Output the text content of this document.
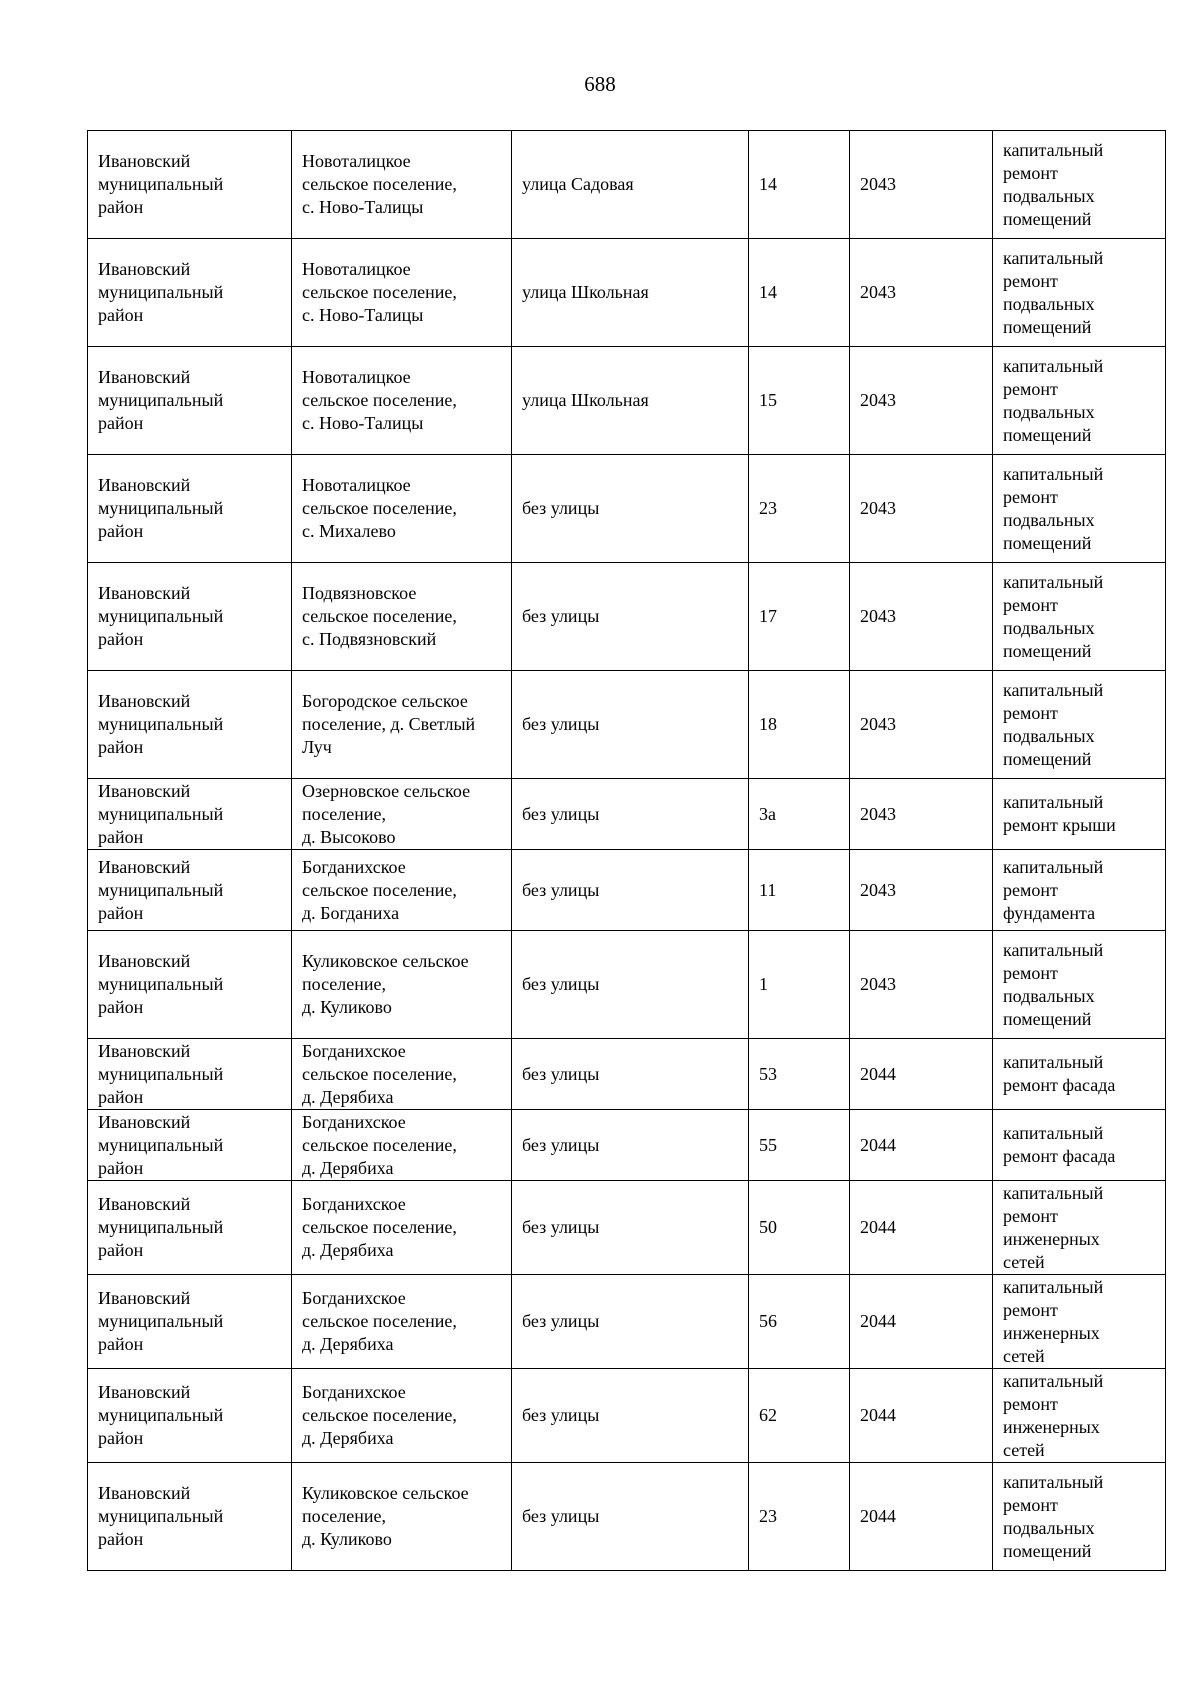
688
Ивановский
муниципальный
район	Новоталицкое
сельское поселение,
с. Ново-Талицы	улица Садовая	14	2043	капитальный
ремонт
подвальных
помещений
Ивановский
муниципальный
район	Новоталицкое
сельское поселение,
с. Ново-Талицы	улица Школьная	14	2043	капитальный
ремонт
подвальных
помещений
Ивановский
муниципальный
район	Новоталицкое
сельское поселение,
с. Ново-Талицы	улица Школьная	15	2043	капитальный
ремонт
подвальных
помещений
Ивановский
муниципальный
район	Новоталицкое
сельское поселение,
с. Михалево	без улицы	23	2043	капитальный
ремонт
подвальных
помещений
Ивановский
муниципальный
район	Подвязновское
сельское поселение,
с. Подвязновский	без улицы	17	2043	капитальный
ремонт
подвальных
помещений
Ивановский
муниципальный
район	Богородское сельское
поселение, д. Светлый
Луч	без улицы	18	2043	капитальный
ремонт
подвальных
помещений
Ивановский
муниципальный
район	Озерновское сельское
поселение,
д. Высоково	без улицы	3а	2043	капитальный
ремонт крыши
Ивановский
муниципальный
район	Богданихское
сельское поселение,
д. Богданиха	без улицы	11	2043	капитальный
ремонт
фундамента
Ивановский
муниципальный
район	Куликовское сельское
поселение,
д. Куликово	без улицы	1	2043	капитальный
ремонт
подвальных
помещений
Ивановский
муниципальный
район	Богданихское
сельское поселение,
д. Дерябиха	без улицы	53	2044	капитальный
ремонт фасада
Ивановский
муниципальный
район	Богданихское
сельское поселение,
д. Дерябиха	без улицы	55	2044	капитальный
ремонт фасада
Ивановский
муниципальный
район	Богданихское
сельское поселение,
д. Дерябиха	без улицы	50	2044	капитальный
ремонт
инженерных
сетей
Ивановский
муниципальный
район	Богданихское
сельское поселение,
д. Дерябиха	без улицы	56	2044	капитальный
ремонт
инженерных
сетей
Ивановский
муниципальный
район	Богданихское
сельское поселение,
д. Дерябиха	без улицы	62	2044	капитальный
ремонт
инженерных
сетей
Ивановский
муниципальный
район	Куликовское сельское
поселение,
д. Куликово	без улицы	23	2044	капитальный
ремонт
подвальных
помещений
